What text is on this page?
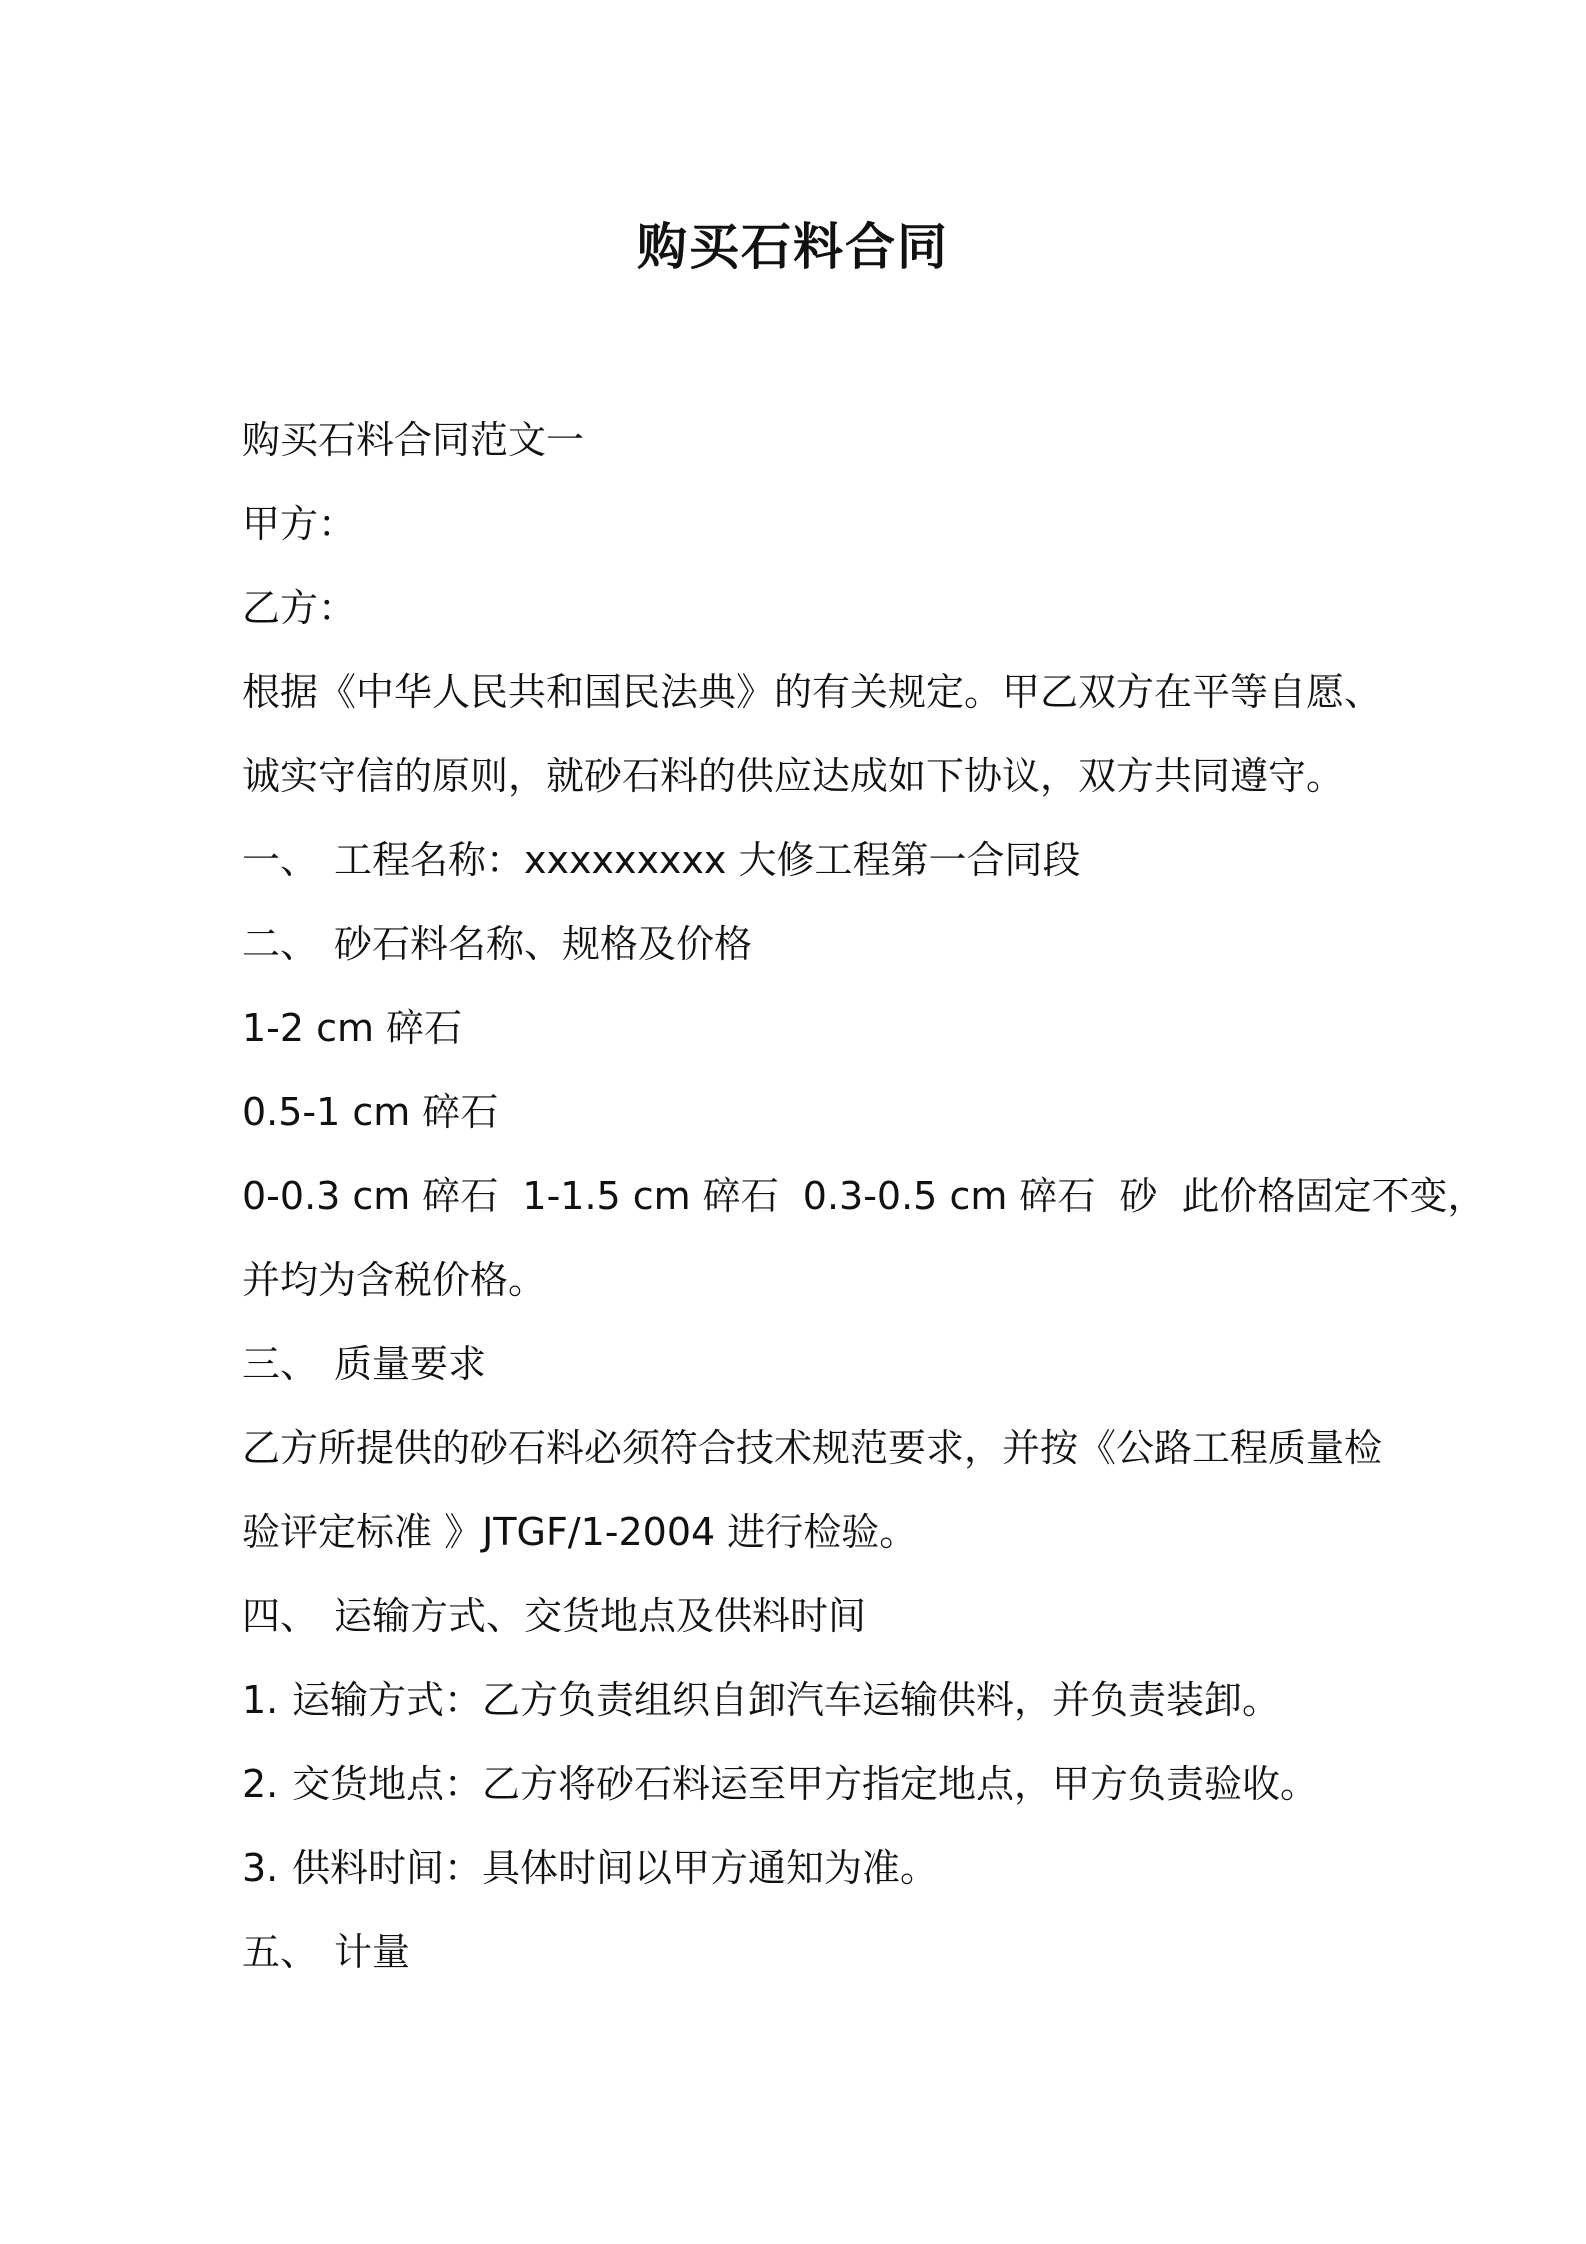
购买石料合同
购买石料合同范文一
甲方：
乙方：
根据《中华人民共和国民法典》的有关规定。甲乙双方在平等自愿、
诚实守信的原则，就砂石料的供应达成如下协议，双方共同遵守。
一、 工程名称：xxxxxxxxx 大修工程第一合同段
二、 砂石料名称、规格及价格
1-2 cm 碎石
0.5-1 cm 碎石
0-0.3 cm 碎石 1-1.5 cm 碎石 0.3-0.5 cm 碎石 砂 此价格固定不变，
并均为含税价格。
三、 质量要求
乙方所提供的砂石料必须符合技术规范要求，并按《公路工程质量检
验评定标准 》JTGF/1-2004 进行检验。
四、 运输方式、交货地点及供料时间
1. 运输方式：乙方负责组织自卸汽车运输供料，并负责装卸。
2. 交货地点：乙方将砂石料运至甲方指定地点，甲方负责验收。
3. 供料时间：具体时间以甲方通知为准。
五、 计量
